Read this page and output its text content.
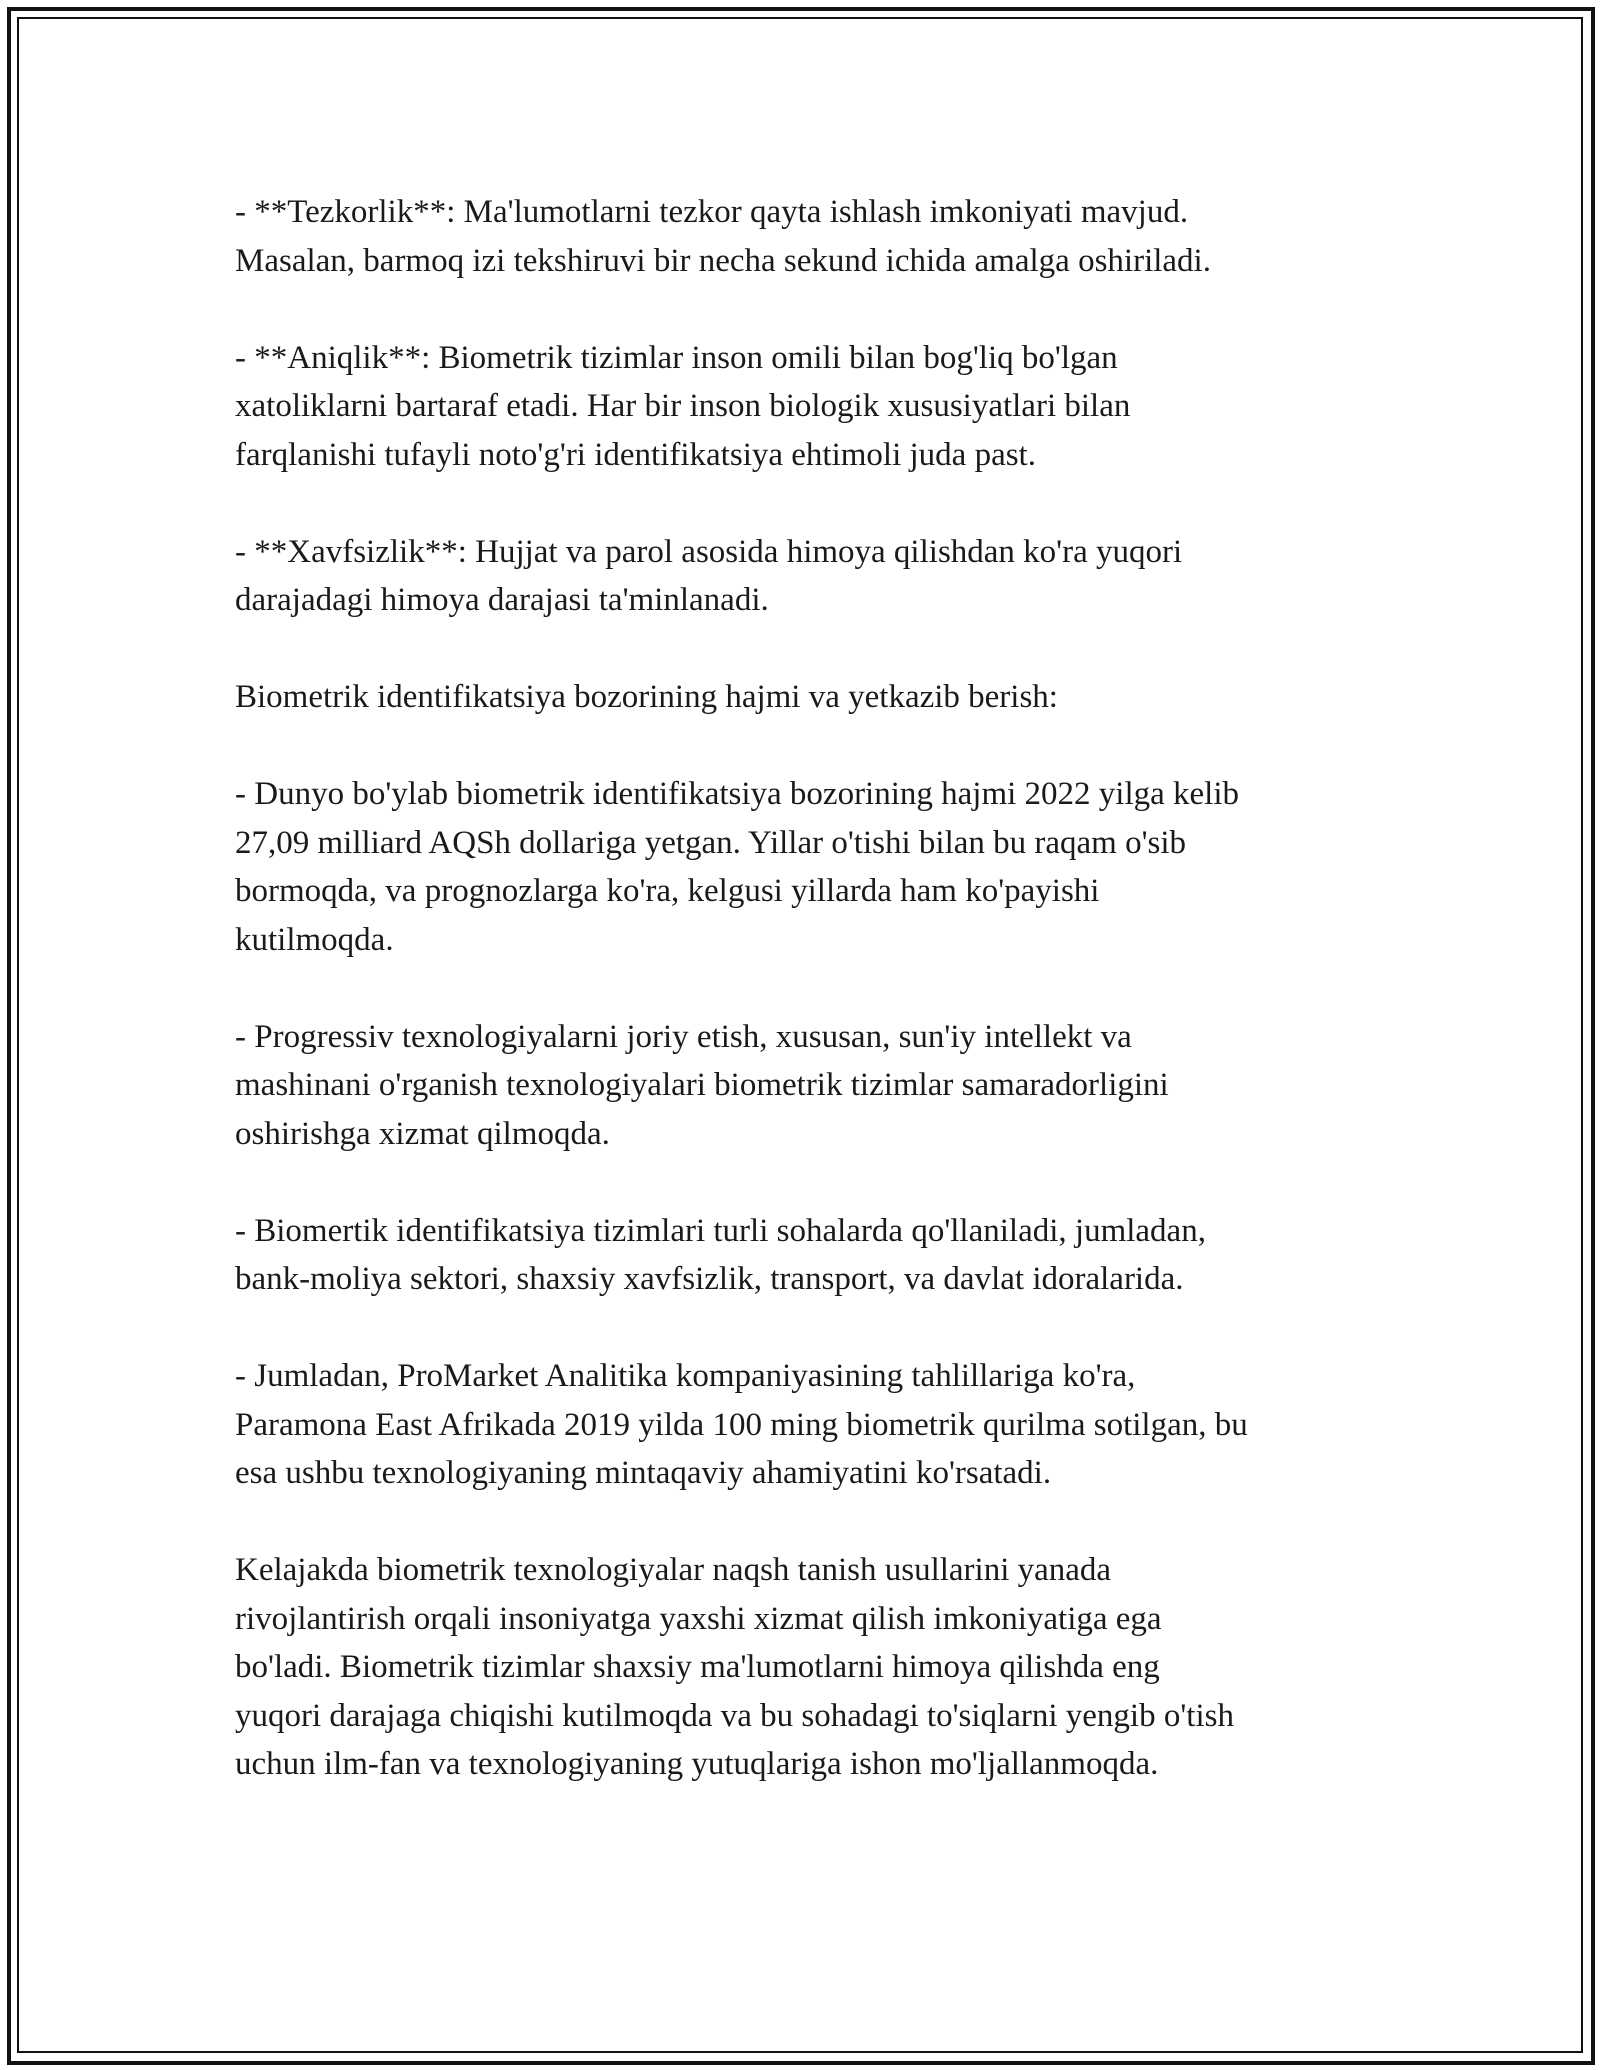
- **Tezkorlik**: Ma'lumotlarni tezkor qayta ishlash imkoniyati mavjud.
Masalan, barmoq izi tekshiruvi bir necha sekund ichida amalga oshiriladi.

- **Aniqlik**: Biometrik tizimlar inson omili bilan bog'liq bo'lgan
xatoliklarni bartaraf etadi. Har bir inson biologik xususiyatlari bilan
farqlanishi tufayli noto'g'ri identifikatsiya ehtimoli juda past.

- **Xavfsizlik**: Hujjat va parol asosida himoya qilishdan ko'ra yuqori
darajadagi himoya darajasi ta'minlanadi.

Biometrik identifikatsiya bozorining hajmi va yetkazib berish:

- Dunyo bo'ylab biometrik identifikatsiya bozorining hajmi 2022 yilga kelib
27,09 milliard AQSh dollariga yetgan. Yillar o'tishi bilan bu raqam o'sib
bormoqda, va prognozlarga ko'ra, kelgusi yillarda ham ko'payishi
kutilmoqda.

- Progressiv texnologiyalarni joriy etish, xususan, sun'iy intellekt va
mashinani o'rganish texnologiyalari biometrik tizimlar samaradorligini
oshirishga xizmat qilmoqda.

- Biomertik identifikatsiya tizimlari turli sohalarda qo'llaniladi, jumladan,
bank-moliya sektori, shaxsiy xavfsizlik, transport, va davlat idoralarida.

- Jumladan, ProMarket Analitika kompaniyasining tahlillariga ko'ra,
Paramona East Afrikada 2019 yilda 100 ming biometrik qurilma sotilgan, bu
esa ushbu texnologiyaning mintaqaviy ahamiyatini ko'rsatadi.

Kelajakda biometrik texnologiyalar naqsh tanish usullarini yanada
rivojlantirish orqali insoniyatga yaxshi xizmat qilish imkoniyatiga ega
bo'ladi. Biometrik tizimlar shaxsiy ma'lumotlarni himoya qilishda eng
yuqori darajaga chiqishi kutilmoqda va bu sohadagi to'siqlarni yengib o'tish
uchun ilm-fan va texnologiyaning yutuqlariga ishon mo'ljallanmoqda.
